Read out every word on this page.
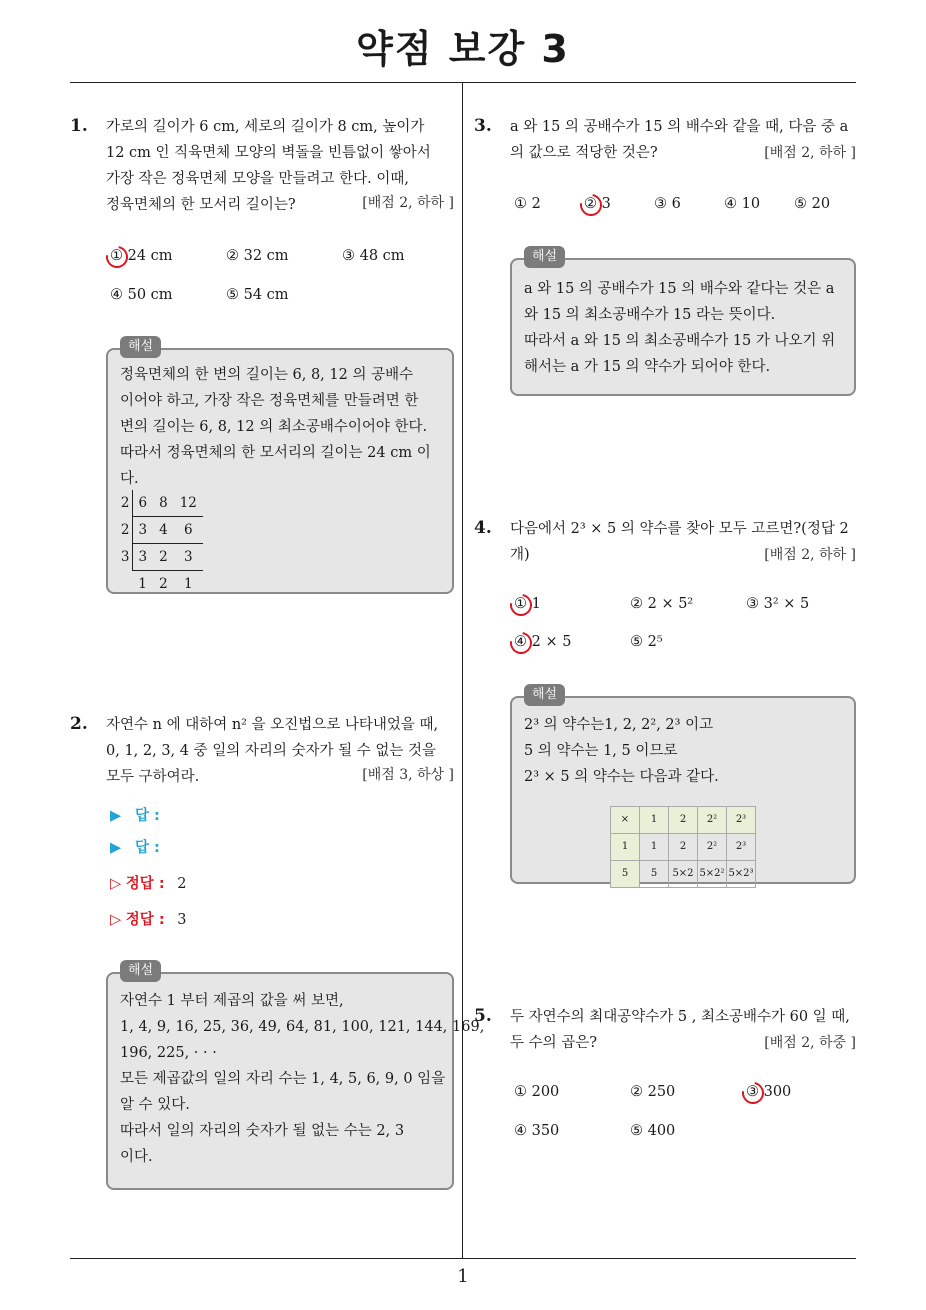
약점 보강 3
1
1. 가로의 길이가 6 cm, 세로의 길이가 8 cm, 높이가
12 cm 인 직육면체 모양의 벽돌을 빈틈없이 쌓아서
가장 작은 정육면체 모양을 만들려고 한다. 이때,
정육면체의 한 모서리 길이는?	[배점 2, 하하 ]
① 24 cm	② 32 cm	③ 48 cm
④ 50 cm	⑤ 54 cm
정육면체의 한 변의 길이는 6, 8, 12 의 공배수
이어야 하고, 가장 작은 정육면체를 만들려면 한
변의 길이는 6, 8, 12 의 최소공배수이어야 한다.
따라서 정육면체의 한 모서리의 길이는 24 cm 이
다.
2	6	8	12
2	3	4	6
3	3	2	3
	1	2	1
해설
2. 자연수 n 에 대하여 n² 을 오진법으로 나타내었을 때,
0, 1, 2, 3, 4 중 일의 자리의 숫자가 될 수 없는 것을
모두 구하여라.	[배점 3, 하상 ]
▶ 답 :
▶ 답 :
▷ 정답 : 2
▷ 정답 : 3
자연수 1 부터 제곱의 값을 써 보면,
1, 4, 9, 16, 25, 36, 49, 64, 81, 100, 121, 144, 169,
196, 225, · · ·
모든 제곱값의 일의 자리 수는 1, 4, 5, 6, 9, 0 임을
알 수 있다.
따라서 일의 자리의 숫자가 될 없는 수는 2, 3
이다.
해설
3. a 와 15 의 공배수가 15 의 배수와 같을 때, 다음 중 a
의 값으로 적당한 것은?	[배점 2, 하하 ]
① 2	② 3	③ 6	④ 10 ⑤ 20
a 와 15 의 공배수가 15 의 배수와 같다는 것은 a
와 15 의 최소공배수가 15 라는 뜻이다.
따라서 a 와 15 의 최소공배수가 15 가 나오기 위
해서는 a 가 15 의 약수가 되어야 한다.
해설
4. 다음에서 2³ × 5 의 약수를 찾아 모두 고르면?(정답 2
개)	[배점 2, 하하 ]
① 1	② 2 × 5²	③ 3² × 5
④ 2 × 5	⑤ 2⁵
2³ 의 약수는1, 2, 2², 2³ 이고
5 의 약수는 1, 5 이므로
2³ × 5 의 약수는 다음과 같다.
×	1	2	2²	2³
1	1	2	2²	2³
5	5	5×2	5×2²	5×2³
해설
5. 두 자연수의 최대공약수가 5 , 최소공배수가 60 일 때,
두 수의 곱은?	[배점 2, 하중 ]
① 200	② 250	③ 300
④ 350	⑤ 400
